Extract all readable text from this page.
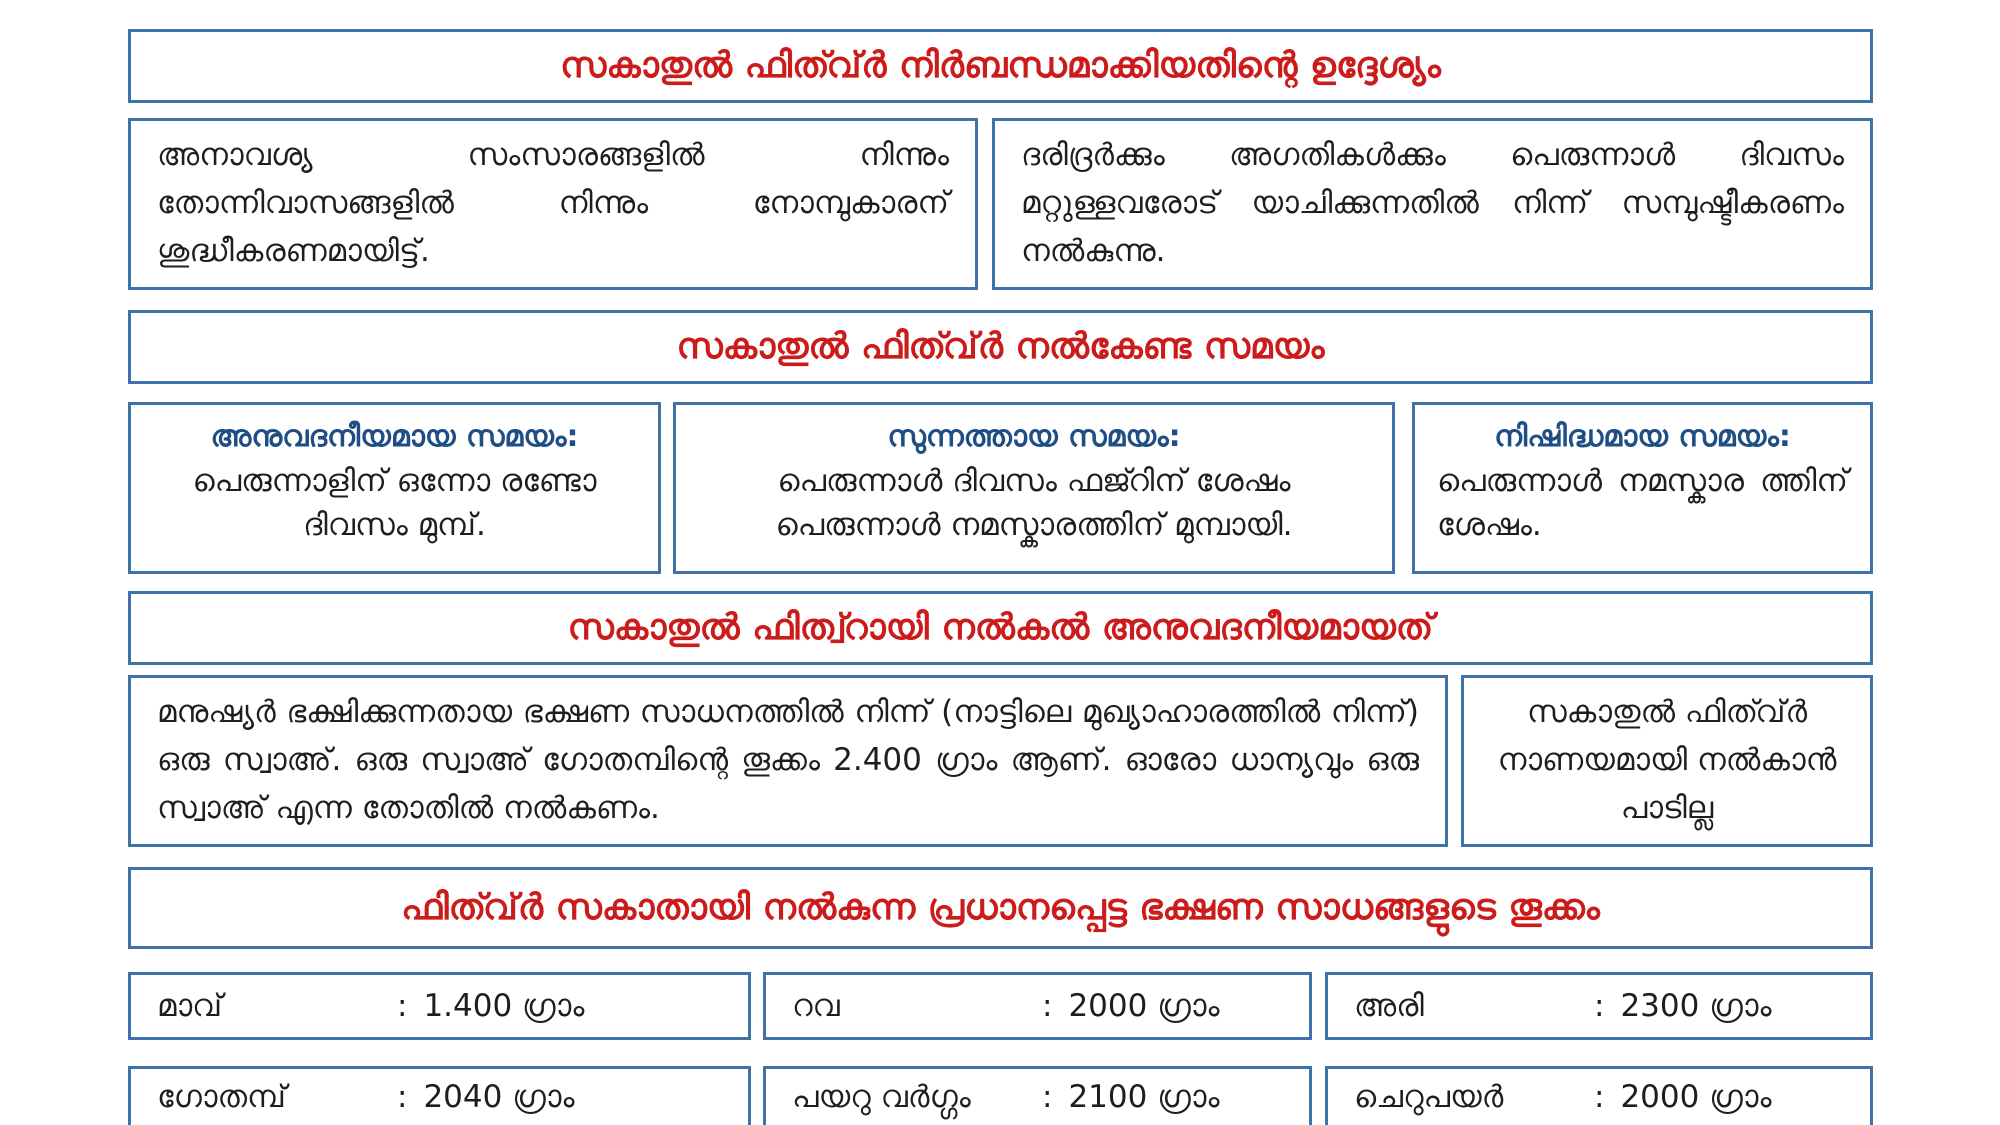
സകാതുൽ ഫിത്വ്ർ നിർബന്ധമാക്കിയതിന്റെ ഉദ്ദേശ്യം
അനാവശ്യ സംസാരങ്ങളിൽ നിന്നും തോന്നിവാസങ്ങളിൽ നിന്നും നോമ്പുകാരന് ശുദ്ധീകരണമായിട്ട്.
ദരിദ്രർക്കും അഗതികൾക്കും പെരുന്നാൾ ദിവസം മറ്റുള്ളവരോട് യാചിക്കുന്നതിൽ നിന്ന് സമ്പുഷ്ടീകരണം നൽകുന്നു.
സകാതുൽ ഫിത്വ്ർ നൽകേണ്ട സമയം
അനുവദനീയമായ സമയം:
പെരുന്നാളിന് ഒന്നോ രണ്ടോ ദിവസം മുമ്പ്.
സുന്നത്തായ സമയം:
പെരുന്നാൾ ദിവസം ഫജ്റിന് ശേഷം പെരുന്നാൾ നമസ്കാരത്തിന് മുമ്പായി.
നിഷിദ്ധമായ സമയം:
പെരുന്നാൾ നമസ്കാര ത്തിന് ശേഷം.
സകാതുൽ ഫിത്വ്റായി നൽകൽ അനുവദനീയമായത്
മനുഷ്യർ ഭക്ഷിക്കുന്നതായ ഭക്ഷണ സാധനത്തിൽ നിന്ന് (നാട്ടിലെ മുഖ്യാഹാരത്തിൽ നിന്ന്) ഒരു സ്വാഅ്. ഒരു സ്വാഅ് ഗോതമ്പിന്റെ തൂക്കം 2.400 ഗ്രാം ആണ്. ഓരോ ധാന്യവും ഒരു സ്വാഅ് എന്ന തോതിൽ നൽകണം.
സകാതുൽ ഫിത്വ്ർ നാണയമായി നൽകാൻ പാടില്ല
ഫിത്വ്ർ സകാതായി നൽകുന്ന പ്രധാനപ്പെട്ട ഭക്ഷണ സാധങ്ങളുടെ തൂക്കം
മാവ്	: 1.400 ഗ്രാം	റവ	: 2000 ഗ്രാം	അരി	: 2300 ഗ്രാം
ഗോതമ്പ്	: 2040 ഗ്രാം	പയറു വർഗ്ഗം	: 2100 ഗ്രാം	ചെറുപയർ	: 2000 ഗ്രാം
